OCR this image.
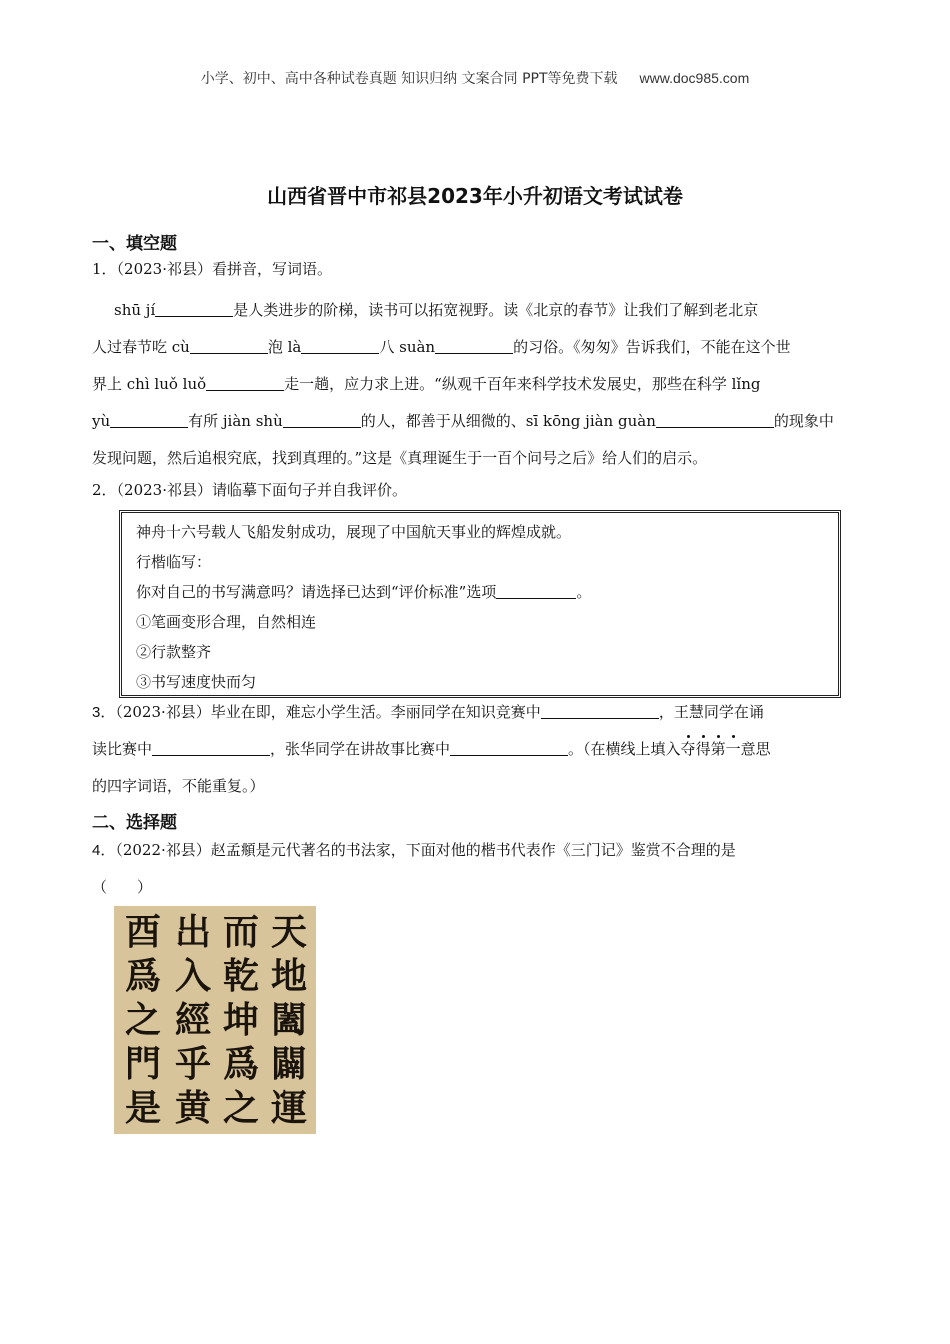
小学、初中、高中各种试卷真题 知识归纳 文案合同 PPT等免费下载 www.doc985.com
山西省晋中市祁县2023年小升初语文考试试卷
一、填空题
1．（2023·祁县）看拼音，写词语。
shū jí	是人类进步的阶梯，读书可以拓宽视野。读《北京的春节》让我们了解到老北京
人过春节吃 cù	泡 là	八 suàn	的习俗。《匆匆》告诉我们，不能在这个世
界上 chì luǒ luǒ	走一趟，应力求上进。“纵观千百年来科学技术发展史，那些在科学 lǐng
yù	有所 jiàn shù	的人，都善于从细微的、sī kōng jiàn guàn	的现象中
发现问题，然后追根究底，找到真理的。”这是《真理诞生于一百个问号之后》给人们的启示。
2．（2023·祁县）请临摹下面句子并自我评价。
神舟十六号载人飞船发射成功，展现了中国航天事业的辉煌成就。
行楷临写：
你对自己的书写满意吗？请选择已达到“评价标准”选项	。
①笔画变形合理，自然相连
②行款整齐
③书写速度快而匀
3．（2023·祁县）毕业在即，难忘小学生活。李丽同学在知识竞赛中	，王慧同学在诵
读比赛中	，张华同学在讲故事比赛中	。（在横线上填入夺得第一意思
的四字词语，不能重复。）
二、选择题
4．（2022·祁县）赵孟頫是元代著名的书法家，下面对他的楷书代表作《三门记》鉴赏不合理的是
（　　）
天
地
闔
闢
運
而
乾
坤
爲
之
出
入
經
乎
黄
酉
爲
之
門
是
